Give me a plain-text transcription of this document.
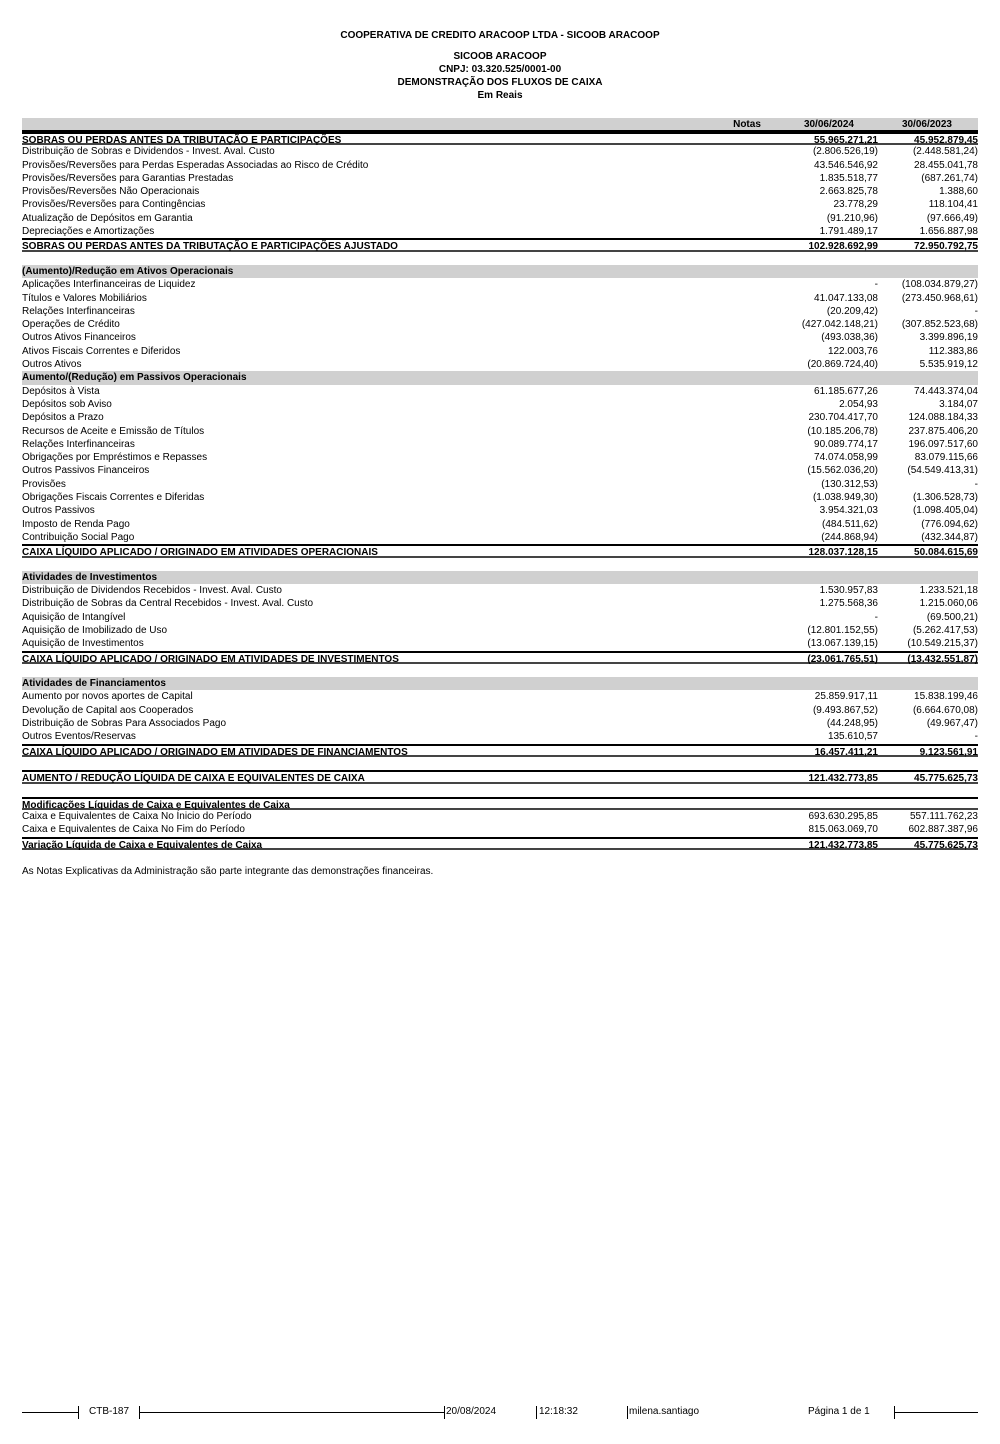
COOPERATIVA DE CREDITO ARACOOP LTDA - SICOOB ARACOOP
SICOOB ARACOOP
CNPJ: 03.320.525/0001-00
DEMONSTRAÇÃO DOS FLUXOS DE CAIXA
Em Reais
Notas	30/06/2024	30/06/2023
SOBRAS OU PERDAS ANTES DA TRIBUTAÇÃO E PARTICIPAÇÕES	55.965.271,21	45.952.879,45
Distribuição de Sobras e Dividendos - Invest. Aval. Custo	(2.806.526,19)	(2.448.581,24)
Provisões/Reversões para Perdas Esperadas Associadas ao Risco de Crédito	43.546.546,92	28.455.041,78
Provisões/Reversões para Garantias Prestadas	1.835.518,77	(687.261,74)
Provisões/Reversões Não Operacionais	2.663.825,78	1.388,60
Provisões/Reversões para Contingências	23.778,29	118.104,41
Atualização de Depósitos em Garantia	(91.210,96)	(97.666,49)
Depreciações e Amortizações	1.791.489,17	1.656.887,98
SOBRAS OU PERDAS ANTES DA TRIBUTAÇÃO E PARTICIPAÇÕES AJUSTADO	102.928.692,99	72.950.792,75
(Aumento)/Redução em Ativos Operacionais
Aplicações Interfinanceiras de Liquidez	- (108.034.879,27)
Títulos e Valores Mobiliários	41.047.133,08 (273.450.968,61)
Relações Interfinanceiras	(20.209,42)	-
Operações de Crédito	(427.042.148,21) (307.852.523,68)
Outros Ativos Financeiros	(493.038,36)	3.399.896,19
Ativos Fiscais Correntes e Diferidos	122.003,76	112.383,86
Outros Ativos	(20.869.724,40)	5.535.919,12
Aumento/(Redução) em Passivos Operacionais
Depósitos à Vista	61.185.677,26	74.443.374,04
Depósitos sob Aviso	2.054,93	3.184,07
Depósitos a Prazo	230.704.417,70	124.088.184,33
Recursos de Aceite e Emissão de Títulos	(10.185.206,78)	237.875.406,20
Relações Interfinanceiras	90.089.774,17	196.097.517,60
Obrigações por Empréstimos e Repasses	74.074.058,99	83.079.115,66
Outros Passivos Financeiros	(15.562.036,20)	(54.549.413,31)
Provisões	(130.312,53)	-
Obrigações Fiscais Correntes e Diferidas	(1.038.949,30)	(1.306.528,73)
Outros Passivos	3.954.321,03	(1.098.405,04)
Imposto de Renda Pago	(484.511,62)	(776.094,62)
Contribuição Social Pago	(244.868,94)	(432.344,87)
CAIXA LÍQUIDO APLICADO / ORIGINADO EM ATIVIDADES OPERACIONAIS	128.037.128,15	50.084.615,69
Atividades de Investimentos
Distribuição de Dividendos Recebidos - Invest. Aval. Custo	1.530.957,83	1.233.521,18
Distribuição de Sobras da Central Recebidos - Invest. Aval. Custo	1.275.568,36	1.215.060,06
Aquisição de Intangível	-	(69.500,21)
Aquisição de Imobilizado de Uso	(12.801.152,55)	(5.262.417,53)
Aquisição de Investimentos	(13.067.139,15)	(10.549.215,37)
CAIXA LÍQUIDO APLICADO / ORIGINADO EM ATIVIDADES DE INVESTIMENTOS	(23.061.765,51)	(13.432.551,87)
Atividades de Financiamentos
Aumento por novos aportes de Capital	25.859.917,11	15.838.199,46
Devolução de Capital aos Cooperados	(9.493.867,52)	(6.664.670,08)
Distribuição de Sobras Para Associados Pago	(44.248,95)	(49.967,47)
Outros Eventos/Reservas	135.610,57	-
CAIXA LÍQUIDO APLICADO / ORIGINADO EM ATIVIDADES DE FINANCIAMENTOS	16.457.411,21	9.123.561,91
AUMENTO / REDUÇÃO LÍQUIDA DE CAIXA E EQUIVALENTES DE CAIXA	121.432.773,85	45.775.625,73
Modificações Líquidas de Caixa e Equivalentes de Caixa
Caixa e Equivalentes de Caixa No Ínicio do Período	693.630.295,85	557.111.762,23
Caixa e Equivalentes de Caixa No Fim do Período	815.063.069,70	602.887.387,96
Variação Líquida de Caixa e Equivalentes de Caixa	121.432.773,85	45.775.625,73
As Notas Explicativas da Administração são parte integrante das demonstrações financeiras.
CTB-187	20/08/2024	12:18:32	milena.santiago	Página 1 de 1
